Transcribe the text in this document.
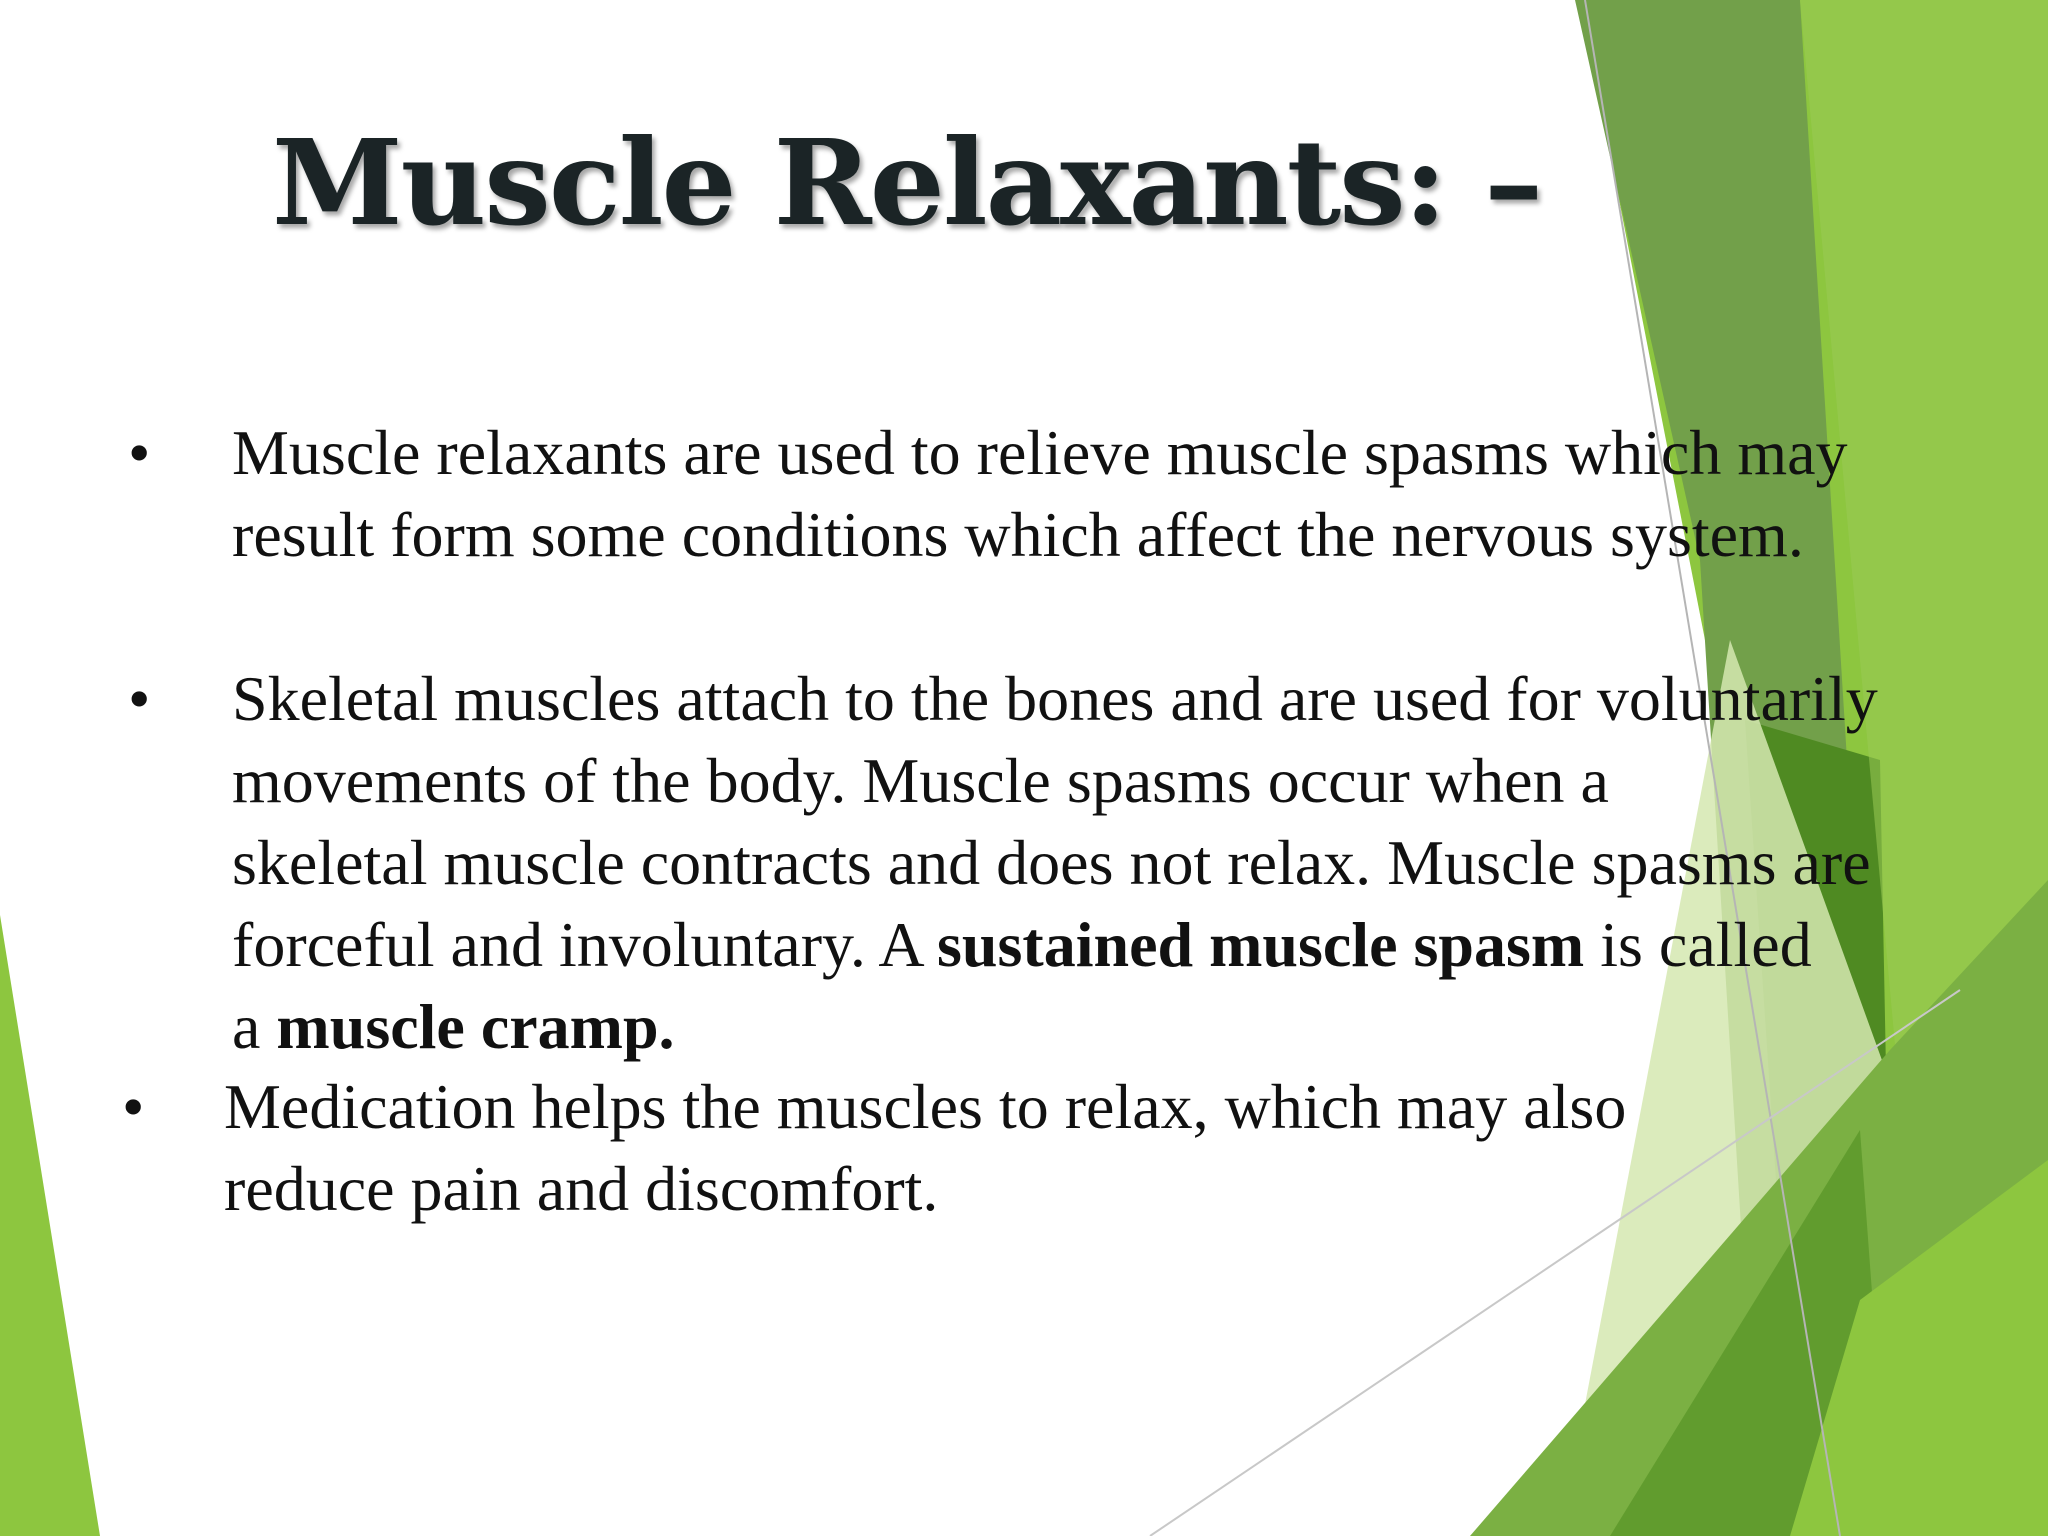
Muscle Relaxants: –
•	Muscle relaxants are used to relieve muscle spasms which may
result form some conditions which affect the nervous system.
•	Skeletal muscles attach to the bones and are used for voluntarily
movements of the body. Muscle spasms occur when a
skeletal muscle contracts and does not relax. Muscle spasms are
forceful and involuntary. A sustained muscle spasm is called
a muscle cramp.
•	Medication helps the muscles to relax, which may also
reduce pain and discomfort.
